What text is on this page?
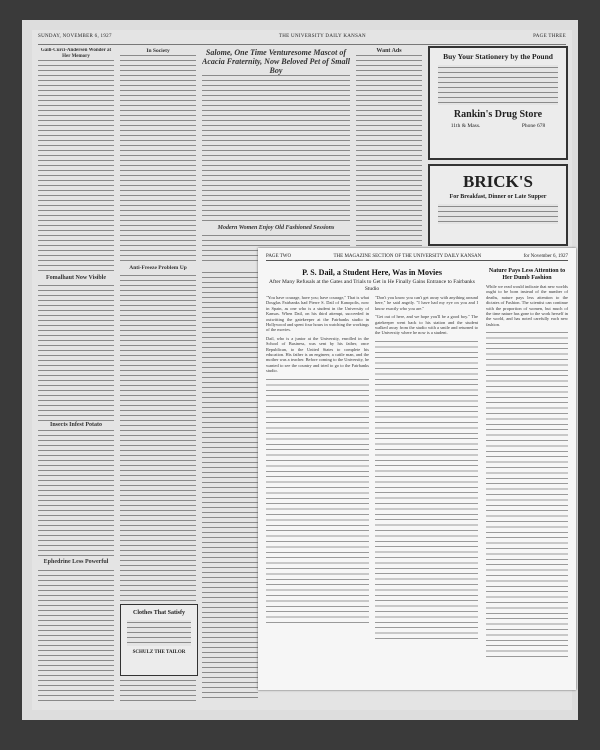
SUNDAY, NOVEMBER 6, 1927	THE UNIVERSITY DAILY KANSAN	PAGE THREE
Gaili-Curci-Andersen Wonder at Her Memory
Fomalhaut Now Visible
Insects Infest Potato
Ephedrine Less Powerful
In Society
Anti-Freeze Problem Up
Salome, One Time Venturesome Mascot of Acacia Fraternity, Now Beloved Pet of Small Boy
Modern Women Enjoy Old Fashioned Sessions
Want Ads
Buy Your Stationery by the Pound
Rankin's Drug Store
11th & Mass.	Phone 678
BRICK'S
For Breakfast, Dinner or Late Supper
Clothes That Satisfy
SCHULZ THE TAILOR
PAGE TWO	THE MAGAZINE SECTION OF THE UNIVERSITY DAILY KANSAN	for November 6, 1927
P. S. Dail, a Student Here, Was in Movies
After Many Refusals at the Gates and Trials to Get in He Finally Gains Entrance to Fairbanks Studio

"You have courage, have you; have courage," That is what Douglas Fairbanks had Pierre S. Dail of Kanopolis, now in Spain, as one who is a student in the University of Kansas. When Dail, on his third attempt, succeeded in outwitting the gatekeeper at the Fairbanks studio in Hollywood and spent four hours in watching the workings of the movies.

Dail, who is a junior at the University, enrolled in the School of Business, was sent by his father, once Republican, to the United States to complete his education. His father is an engineer, a cattle man, and the mother was a teacher. Before coming to the University, he wanted to see the country and tried to go to the Fairbanks studio.

"Don't you know you can't get away with anything around here," he said angrily. "I have had my eye on you and I know exactly who you are."

"Get out of here, and we hope you'll be a good boy." The gatekeeper went back to his station and the student walked away from the studio with a smile and returned to the University where he now is a student.

Nature Pays Less Attention to Her Dumb Fashion

While we read would indicate that new worlds ought to be born instead of the number of deaths, nature pays less attention to the dictates of Fashion. The scientist can continue with the proportion of women, but much of the time nature has gone to the work herself in the world, and has noted carefully each new fashion.
